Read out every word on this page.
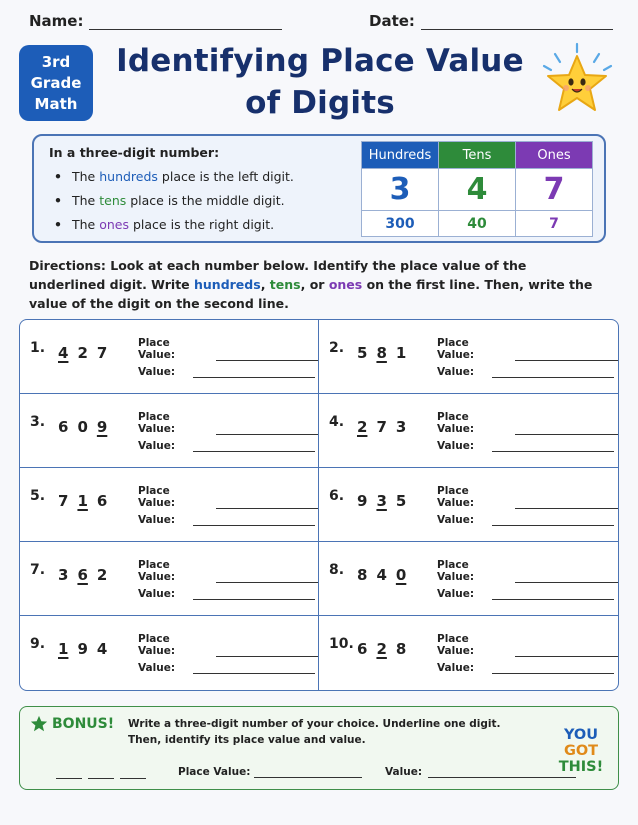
Name:	Date:
3rd
Grade
Math
Identifying Place Value
of Digits
In a three-digit number:
• The hundreds place is the left digit.
• The tens place is the middle digit.
• The ones place is the right digit.
Hundreds	Tens	Ones
3	4	7
300	40	7
Directions: Look at each number below. Identify the place value of the underlined digit. Write hundreds, tens, or ones on the first line. Then, write the value of the digit on the second line.
1. 4 2 7
Place Value:
Value:
2. 5 8 1
Place Value:
Value:
3. 6 0 9
Place Value:
Value:
4. 2 7 3
Place Value:
Value:
5. 7 1 6
Place Value:
Value:
6. 9 3 5
Place Value:
Value:
7. 3 6 2
Place Value:
Value:
8. 8 4 0
Place Value:
Value:
9. 1 9 4
Place Value:
Value:
10. 6 2 8
Place Value:
Value:
BONUS! Write a three-digit number of your choice. Underline one digit. Then, identify its place value and value.
Place Value:	Value:
YOU
GOT
THIS!
